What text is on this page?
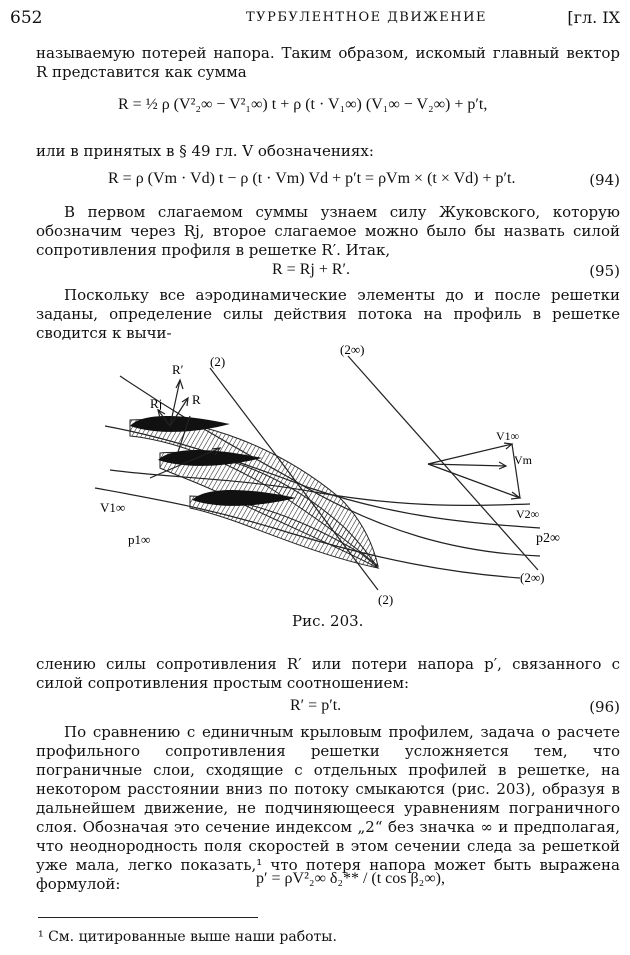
652	ТУРБУЛЕНТНОЕ ДВИЖЕНИЕ	[гл. IX

называемую потерей напора. Таким образом, искомый главный вектор R представится как сумма

R = ½ ρ (V²₂∞ − V²₁∞) t + ρ (t · V₁∞) (V₁∞ − V₂∞) + p′t,

или в принятых в § 49 гл. V обозначениях:

R = ρ (Vm · Vd) t − ρ (t · Vm) Vd + p′t = ρVm × (t × Vd) + p′t.	(94)

В первом слагаемом суммы узнаем силу Жуковского, которую обозначим через Rj, второе слагаемое можно было бы назвать силой сопротивления профиля в решетке R′. Итак,

R = Rj + R′.	(95)

Поскольку все аэродинамические элементы до и после решетки заданы, определение силы действия потока на профиль в решетке сводится к вычи-

R′
Rj R
(2)
(2)
(2∞)
(2∞)
V1∞
p1∞
V1∞
Vm
V2∞
p2∞
Рис. 203.

слению силы сопротивления R′ или потери напора p′, связанного с силой сопротивления простым соотношением:

R′ = p′t.	(96)

По сравнению с единичным крыловым профилем, задача о расчете профильного сопротивления решетки усложняется тем, что пограничные слои, сходящие с отдельных профилей в решетке, на некотором расстоянии вниз по потоку смыкаются (рис. 203), образуя в дальнейшем движение, не подчиняющееся уравнениям пограничного слоя. Обозначая это сечение индексом „2“ без значка ∞ и предполагая, что неоднородность поля скоростей в этом сечении следа за решеткой уже мала, легко показать,¹ что потеря напора может быть выражена формулой:	p′ = ρV²₂∞ δ₂** / (t cos β₂∞),
¹ См. цитированные выше наши работы.
